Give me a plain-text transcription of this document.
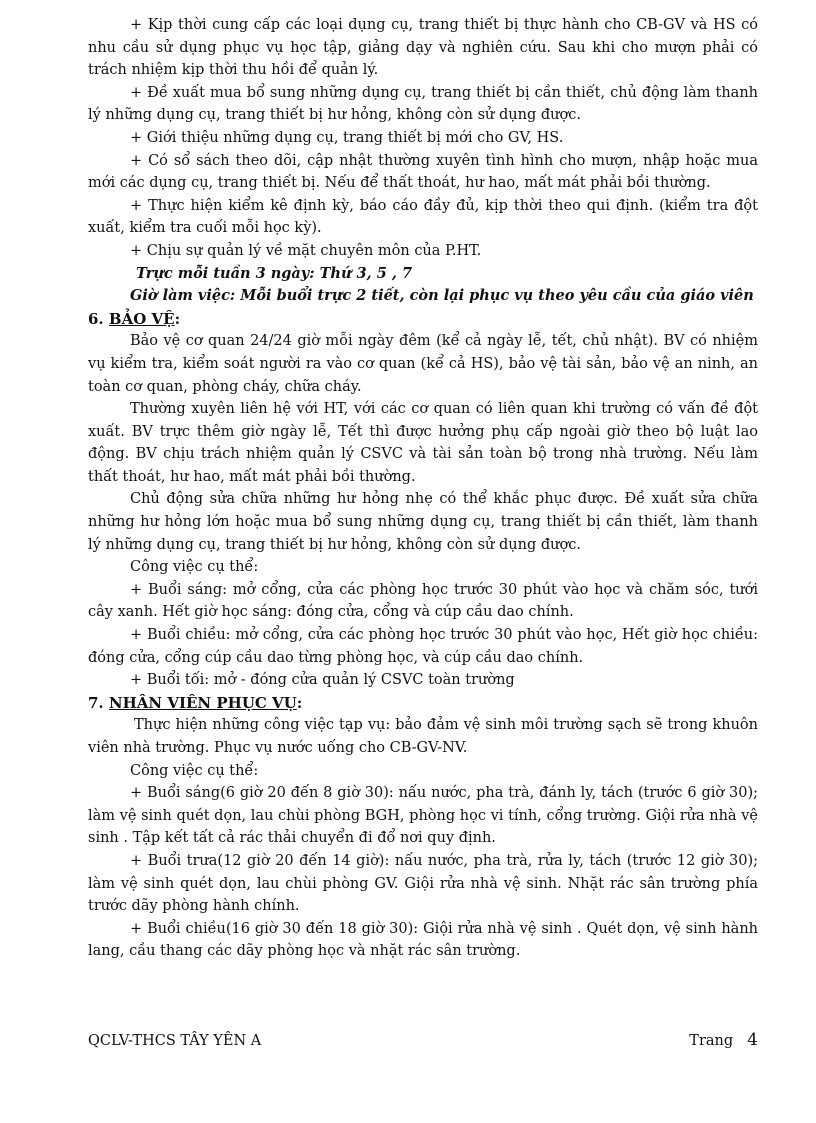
+ Kịp thời cung cấp các loại dụng cụ, trang thiết bị thực hành cho CB-GV và HS có nhu cầu sử dụng phục vụ học tập, giảng dạy và nghiên cứu. Sau khi cho mượn phải có trách nhiệm kịp thời thu hồi để quản lý.

+ Đề xuất mua bổ sung những dụng cụ, trang thiết bị cần thiết, chủ động làm thanh lý những dụng cụ, trang thiết bị hư hỏng, không còn sử dụng được.

+ Giới thiệu những dụng cụ, trang thiết bị mới cho GV, HS.

+ Có sổ sách theo dõi, cập nhật thường xuyên tình hình cho mượn, nhập hoặc mua mới các dụng cụ, trang thiết bị. Nếu để thất thoát, hư hao, mất mát phải bồi thường.

+ Thực hiện kiểm kê định kỳ, báo cáo đầy đủ, kịp thời theo qui định. (kiểm tra đột xuất, kiểm tra cuối mỗi học kỳ).

+ Chịu sự quản lý về mặt chuyên môn của P.HT.

Trực mỗi tuần 3 ngày: Thứ 3, 5 , 7

Giờ làm việc: Mỗi buổi trực 2 tiết, còn lại phục vụ theo yêu cầu của giáo viên

6. BẢO VỆ:

Bảo vệ cơ quan 24/24 giờ mỗi ngày đêm (kể cả ngày lễ, tết, chủ nhật). BV có nhiệm vụ kiểm tra, kiểm soát người ra vào cơ quan (kể cả HS), bảo vệ tài sản, bảo vệ an ninh, an toàn cơ quan, phòng cháy, chữa cháy.

Thường xuyên liên hệ với HT, với các cơ quan có liên quan khi trường có vấn đề đột xuất. BV trực thêm giờ ngày lễ, Tết thì được hưởng phụ cấp ngoài giờ theo bộ luật lao động. BV chịu trách nhiệm quản lý CSVC và tài sản toàn bộ trong nhà trường. Nếu làm thất thoát, hư hao, mất mát phải bồi thường.

Chủ động sửa chữa những hư hỏng nhẹ có thể khắc phục được. Đề xuất sửa chữa những hư hỏng lớn hoặc mua bổ sung những dụng cụ, trang thiết bị cần thiết, làm thanh lý những dụng cụ, trang thiết bị hư hỏng, không còn sử dụng được.

Công việc cụ thể:

+ Buổi sáng: mở cổng, cửa các phòng học trước 30 phút vào học và chăm sóc, tưới cây xanh. Hết giờ học sáng: đóng cửa, cổng và cúp cầu dao chính.

+ Buổi chiều: mở cổng, cửa các phòng học trước 30 phút vào học, Hết giờ học chiều: đóng cửa, cổng cúp cầu dao từng phòng học, và cúp cầu dao chính.

+ Buổi tối: mở - đóng cửa quản lý CSVC toàn trường

7. NHÂN VIÊN PHỤC VỤ:

Thực hiện những công việc tạp vụ: bảo đảm vệ sinh môi trường sạch sẽ trong khuôn viên nhà trường. Phục vụ nước uống cho CB-GV-NV.

Công việc cụ thể:

+ Buổi sáng(6 giờ 20 đến 8 giờ 30): nấu nước, pha trà, đánh ly, tách (trước 6 giờ 30); làm vệ sinh quét dọn, lau chùi phòng BGH, phòng học vi tính, cổng trường. Giội rửa nhà vệ sinh . Tập kết tất cả rác thải chuyển đi đổ nơi quy định.

+ Buổi trưa(12 giờ 20 đến 14 giờ): nấu nước, pha trà, rửa ly, tách (trước 12 giờ 30); làm vệ sinh quét dọn, lau chùi phòng GV. Giội rửa nhà vệ sinh. Nhặt rác sân trường phía trước dãy phòng hành chính.

+ Buổi chiều(16 giờ 30 đến 18 giờ 30): Giội rửa nhà vệ sinh . Quét dọn, vệ sinh hành lang, cầu thang các dãy phòng học và nhặt rác sân trường.

QCLV-THCS TÂY YÊN A	Trang 4
